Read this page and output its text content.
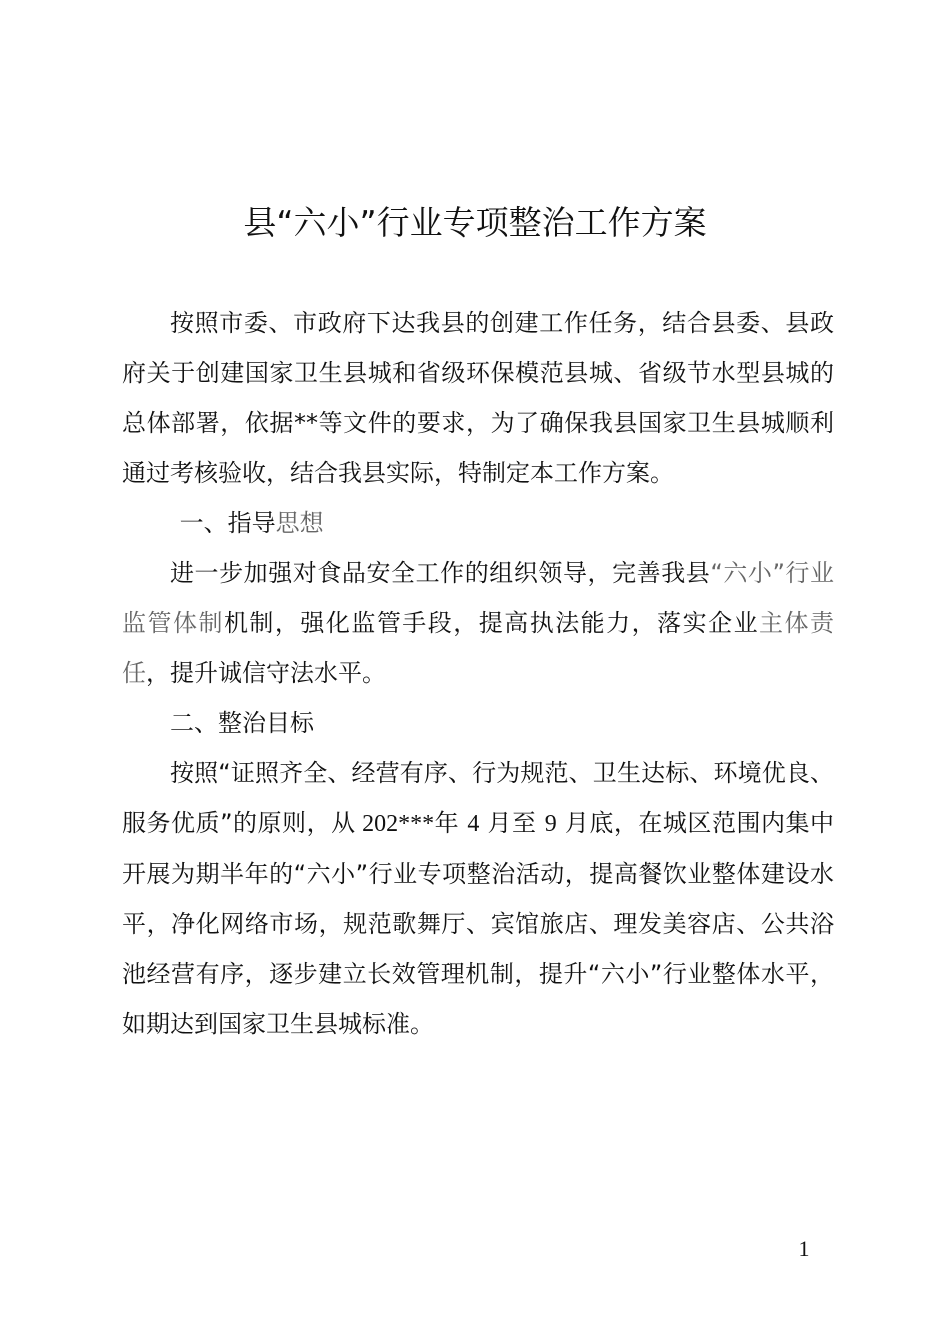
县“六小”行业专项整治工作方案

按照市委、市政府下达我县的创建工作任务，结合县委、县政府关于创建国家卫生县城和省级环保模范县城、省级节水型县城的总体部署，依据**等文件的要求，为了确保我县国家卫生县城顺利通过考核验收，结合我县实际，特制定本工作方案。

一、指导思想

进一步加强对食品安全工作的组织领导，完善我县“六小”行业监管体制机制，强化监管手段，提高执法能力，落实企业主体责任，提升诚信守法水平。

二、整治目标

按照“证照齐全、经营有序、行为规范、卫生达标、环境优良、服务优质”的原则，从 202***年 4 月至 9 月底，在城区范围内集中开展为期半年的“六小”行业专项整治活动，提高餐饮业整体建设水平，净化网络市场，规范歌舞厅、宾馆旅店、理发美容店、公共浴池经营有序，逐步建立长效管理机制，提升“六小”行业整体水平，如期达到国家卫生县城标准。

1
